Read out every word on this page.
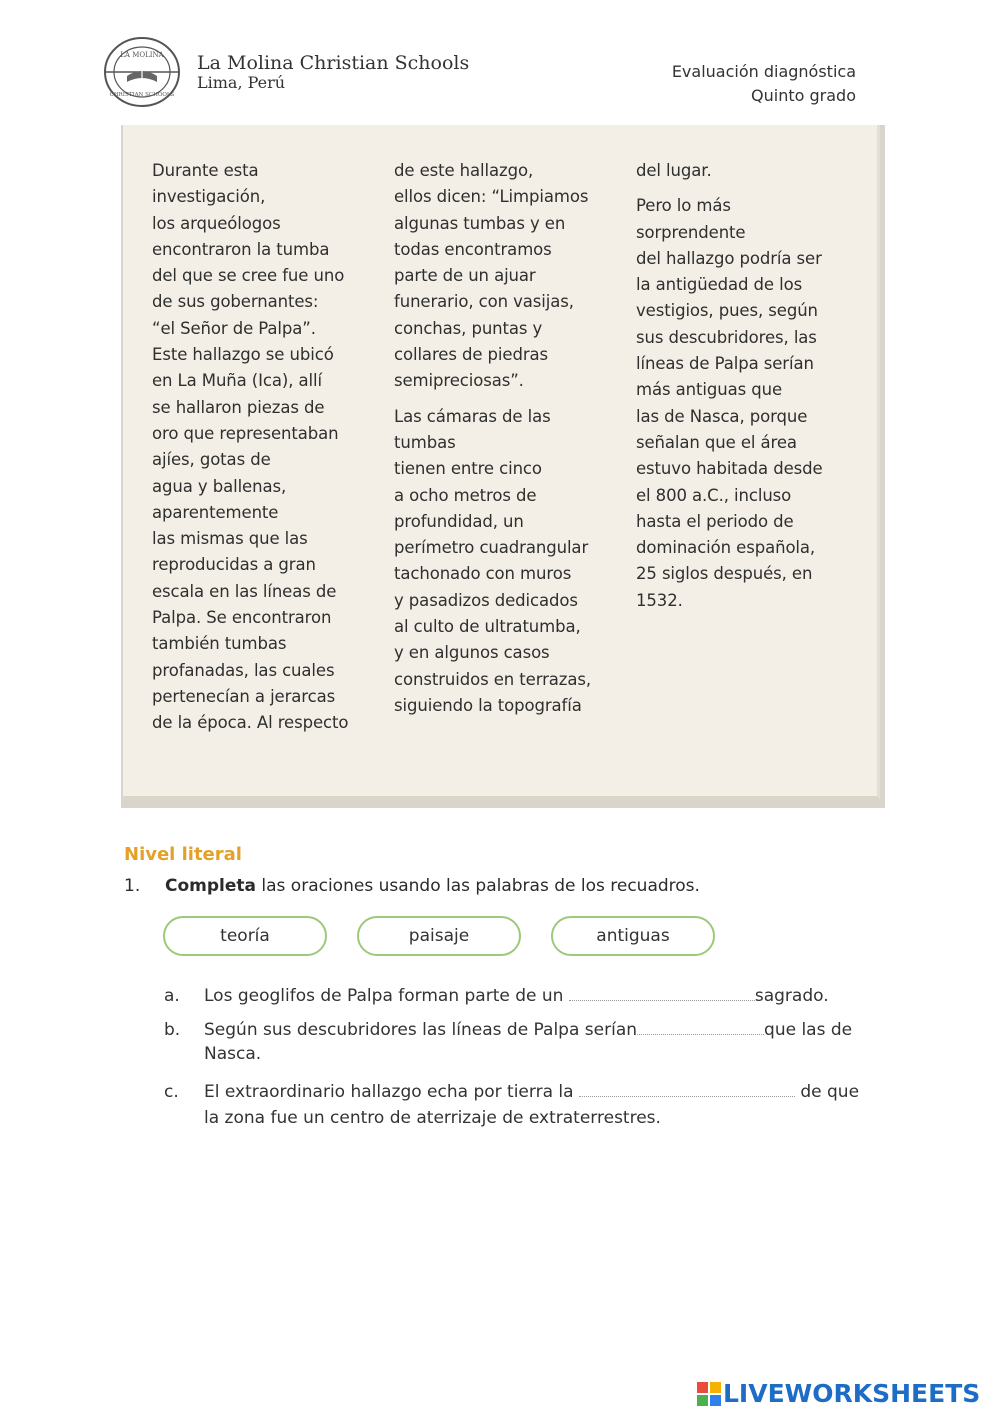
LA MOLINA
CHRISTIAN SCHOOLS
La Molina Christian Schools
Lima, Perú
Evaluación diagnóstica
Quinto grado
Durante esta
investigación,
los arqueólogos
encontraron la tumba
del que se cree fue uno
de sus gobernantes:
“el Señor de Palpa”.
Este hallazgo se ubicó
en La Muña (Ica), allí
se hallaron piezas de
oro que representaban
ajíes, gotas de
agua y ballenas,
aparentemente
las mismas que las
reproducidas a gran
escala en las líneas de
Palpa. Se encontraron
también tumbas
profanadas, las cuales
pertenecían a jerarcas
de la época. Al respecto
de este hallazgo,
ellos dicen: “Limpiamos
algunas tumbas y en
todas encontramos
parte de un ajuar
funerario, con vasijas,
conchas, puntas y
collares de piedras
semipreciosas”.
Las cámaras de las
tumbas
tienen entre cinco
a ocho metros de
profundidad, un
perímetro cuadrangular
tachonado con muros
y pasadizos dedicados
al culto de ultratumba,
y en algunos casos
construidos en terrazas,
siguiendo la topografía
del lugar.
Pero lo más
sorprendente
del hallazgo podría ser
la antigüedad de los
vestigios, pues, según
sus descubridores, las
líneas de Palpa serían
más antiguas que
las de Nasca, porque
señalan que el área
estuvo habitada desde
el 800 a.C., incluso
hasta el periodo de
dominación española,
25 siglos después, en
1532.
Nivel literal
1. Completa las oraciones usando las palabras de los recuadros.
teoría	paisaje	antiguas
a. Los geoglifos de Palpa forman parte de un	sagrado.
b. Según sus descubridores las líneas de Palpa serían	que las de
Nasca.
c. El extraordinario hallazgo echa por tierra la	de que
la zona fue un centro de aterrizaje de extraterrestres.
LIVEWORKSHEETS
